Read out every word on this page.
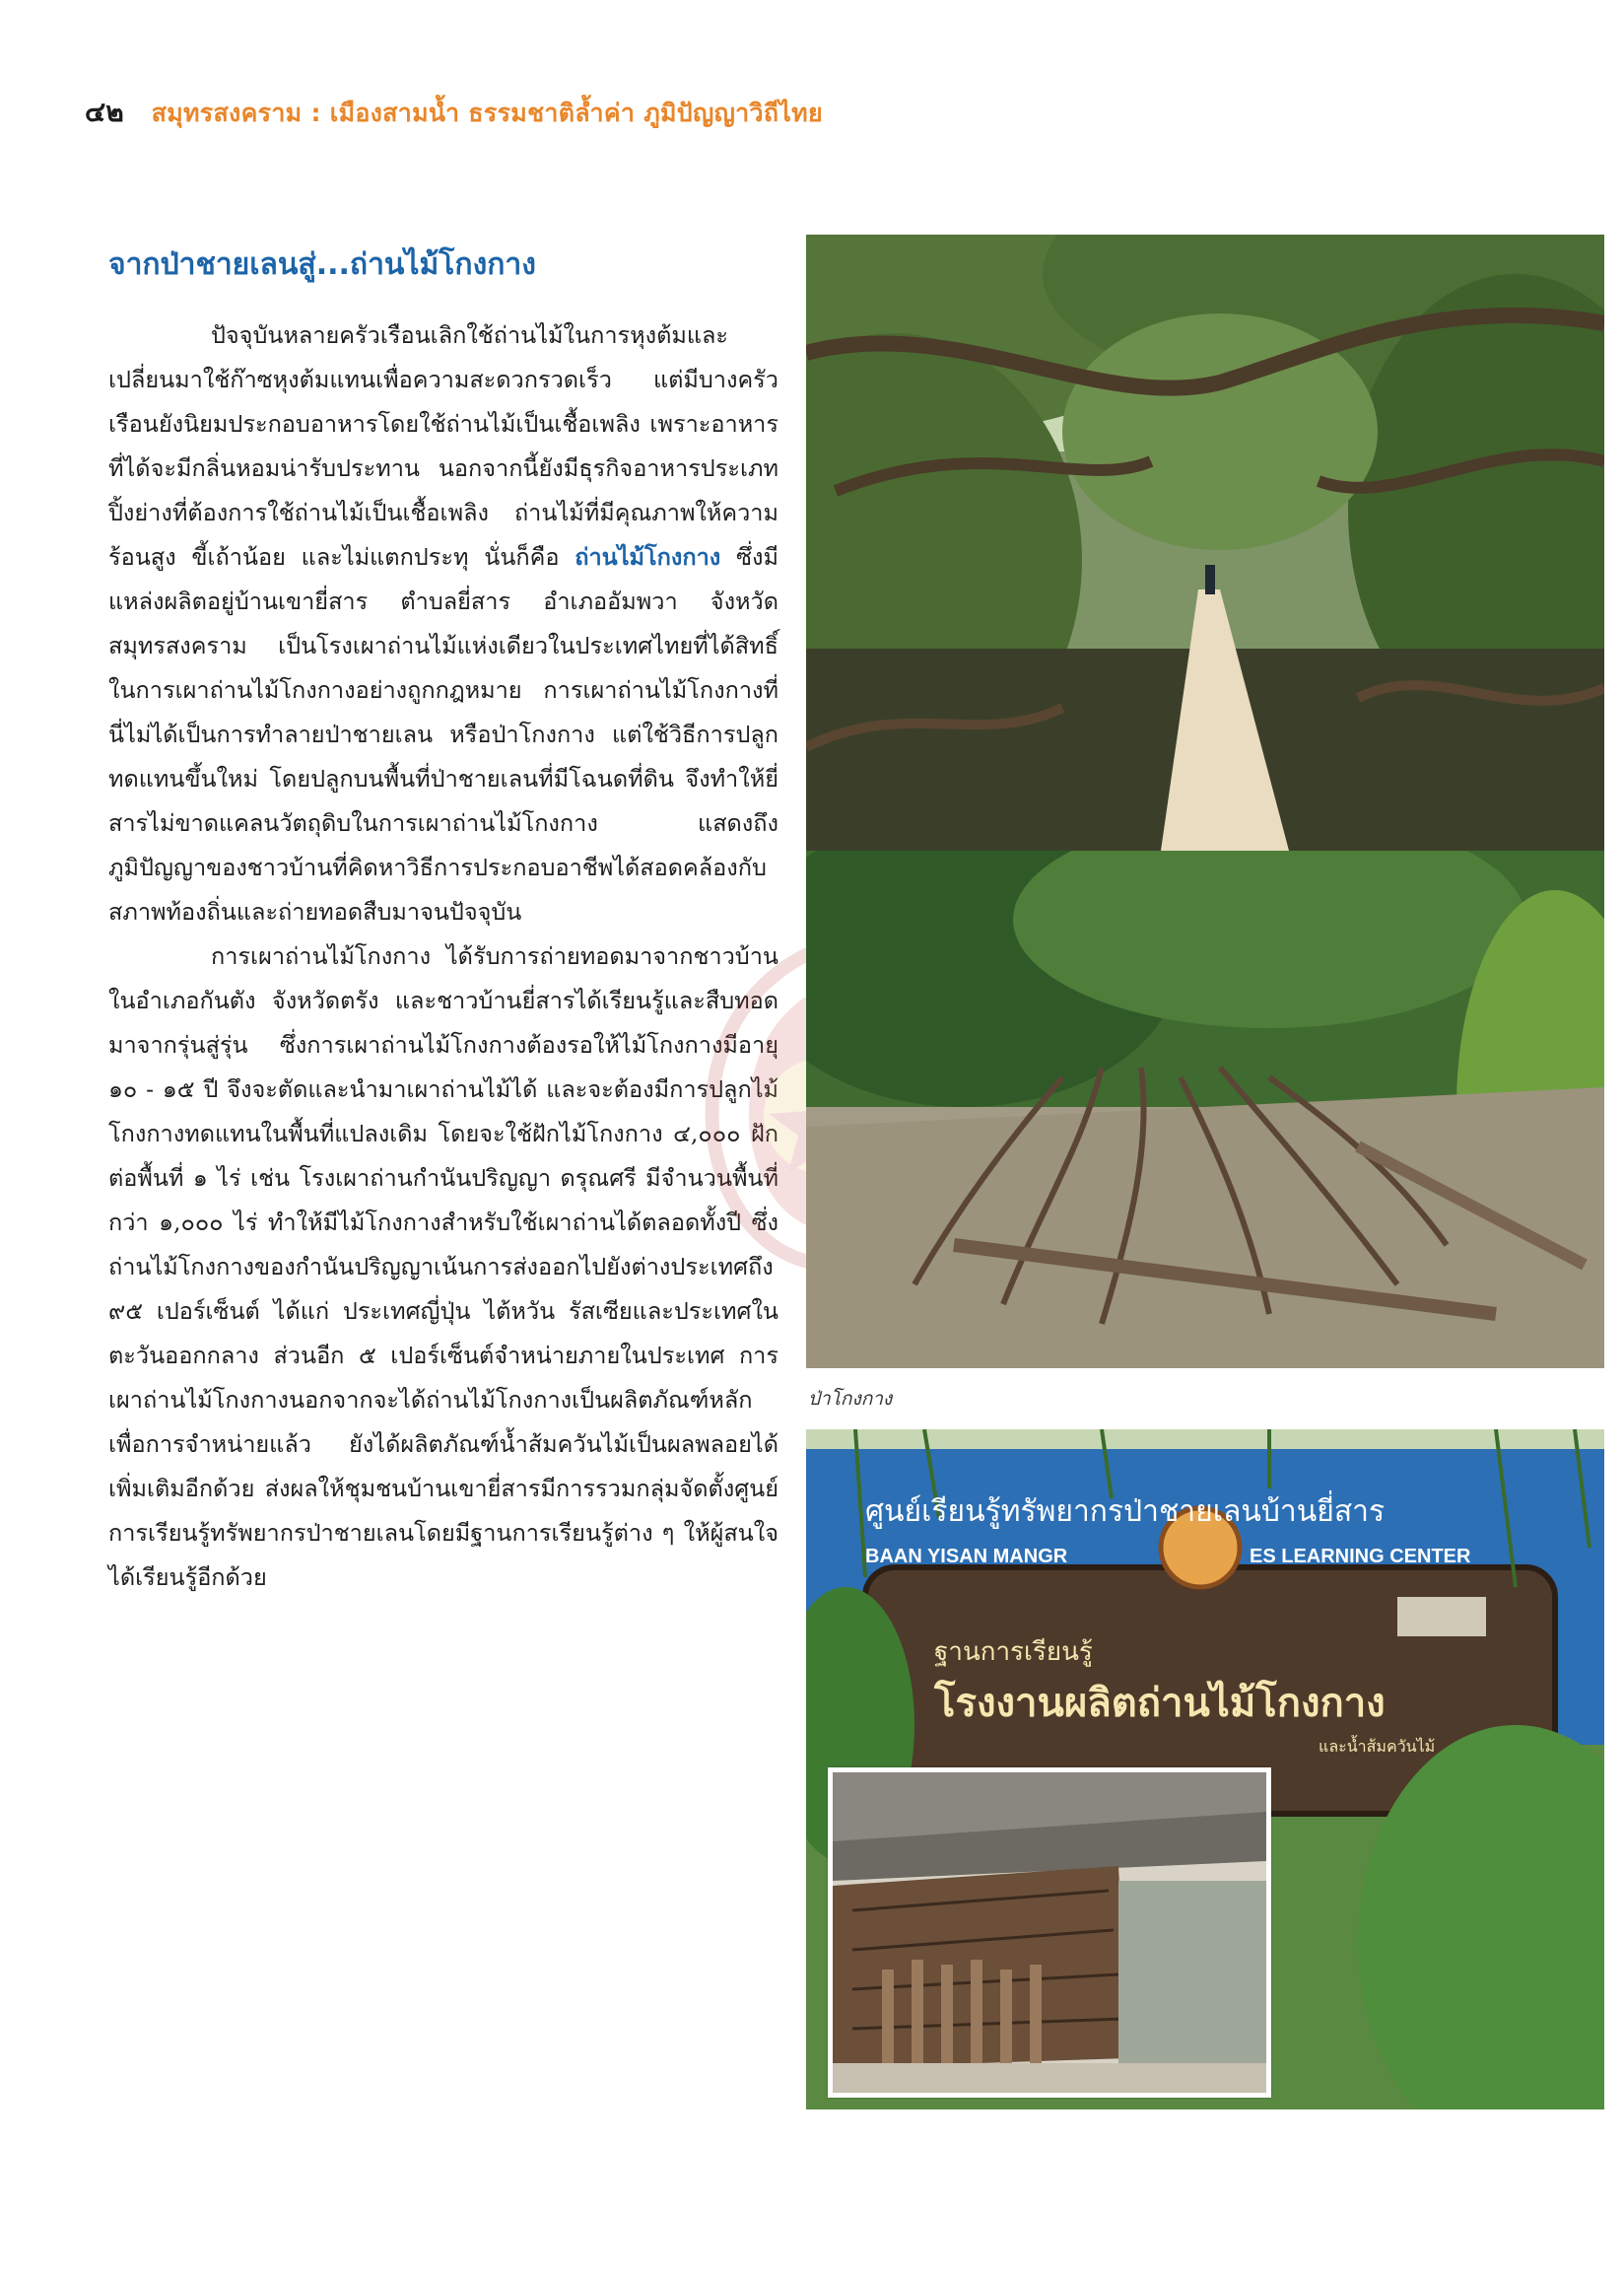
๔๒ สมุทรสงคราม : เมืองสามน้ำ ธรรมชาติล้ำค่า ภูมิปัญญาวิถีไทย
จากป่าชายเลนสู่...ถ่านไม้โกงกาง

ปัจจุบันหลายครัวเรือนเลิกใช้ถ่านไม้ในการหุงต้มและเปลี่ยนมาใช้ก๊าซหุงต้มแทนเพื่อความสะดวกรวดเร็ว แต่มีบางครัวเรือนยังนิยมประกอบอาหารโดยใช้ถ่านไม้เป็นเชื้อเพลิง เพราะอาหารที่ได้จะมีกลิ่นหอมน่ารับประทาน นอกจากนี้ยังมีธุรกิจอาหารประเภทปิ้งย่างที่ต้องการใช้ถ่านไม้เป็นเชื้อเพลิง ถ่านไม้ที่มีคุณภาพให้ความร้อนสูง ขี้เถ้าน้อย และไม่แตกประทุ นั่นก็คือ ถ่านไม้โกงกาง ซึ่งมีแหล่งผลิตอยู่บ้านเขายี่สาร ตำบลยี่สาร อำเภออัมพวา จังหวัดสมุทรสงคราม เป็นโรงเผาถ่านไม้แห่งเดียวในประเทศไทยที่ได้สิทธิ์ในการเผาถ่านไม้โกงกางอย่างถูกกฎหมาย การเผาถ่านไม้โกงกางที่นี่ไม่ได้เป็นการทำลายป่าชายเลน หรือป่าโกงกาง แต่ใช้วิธีการปลูกทดแทนขึ้นใหม่ โดยปลูกบนพื้นที่ป่าชายเลนที่มีโฉนดที่ดิน จึงทำให้ยี่สารไม่ขาดแคลนวัตถุดิบในการเผาถ่านไม้โกงกาง แสดงถึงภูมิปัญญาของชาวบ้านที่คิดหาวิธีการประกอบอาชีพได้สอดคล้องกับสภาพท้องถิ่นและถ่ายทอดสืบมาจนปัจจุบัน

การเผาถ่านไม้โกงกาง ได้รับการถ่ายทอดมาจากชาวบ้านในอำเภอกันตัง จังหวัดตรัง และชาวบ้านยี่สารได้เรียนรู้และสืบทอดมาจากรุ่นสู่รุ่น ซึ่งการเผาถ่านไม้โกงกางต้องรอให้ไม้โกงกางมีอายุ ๑๐ - ๑๕ ปี จึงจะตัดและนำมาเผาถ่านไม้ได้ และจะต้องมีการปลูกไม้โกงกางทดแทนในพื้นที่แปลงเดิม โดยจะใช้ฝักไม้โกงกาง ๔,๐๐๐ ฝักต่อพื้นที่ ๑ ไร่ เช่น โรงเผาถ่านกำนันปริญญา ดรุณศรี มีจำนวนพื้นที่กว่า ๑,๐๐๐ ไร่ ทำให้มีไม้โกงกางสำหรับใช้เผาถ่านได้ตลอดทั้งปี ซึ่งถ่านไม้โกงกางของกำนันปริญญาเน้นการส่งออกไปยังต่างประเทศถึง ๙๕ เปอร์เซ็นต์ ได้แก่ ประเทศญี่ปุ่น ไต้หวัน รัสเซียและประเทศในตะวันออกกลาง ส่วนอีก ๕ เปอร์เซ็นต์จำหน่ายภายในประเทศ การเผาถ่านไม้โกงกางนอกจากจะได้ถ่านไม้โกงกางเป็นผลิตภัณฑ์หลักเพื่อการจำหน่ายแล้ว ยังได้ผลิตภัณฑ์น้ำส้มควันไม้เป็นผลพลอยได้เพิ่มเติมอีกด้วย ส่งผลให้ชุมชนบ้านเขายี่สารมีการรวมกลุ่มจัดตั้งศูนย์การเรียนรู้ทรัพยากรป่าชายเลนโดยมีฐานการเรียนรู้ต่าง ๆ ให้ผู้สนใจได้เรียนรู้อีกด้วย

ป่าโกงกาง
ศูนย์เรียนรู้ทรัพยากรป่าชายเลนบ้านยี่สาร
BAAN YISAN MANGR	ES LEARNING CENTER
ฐานการเรียนรู้
โรงงานผลิตถ่านไม้โกงกาง
และน้ำส้มควันไม้
